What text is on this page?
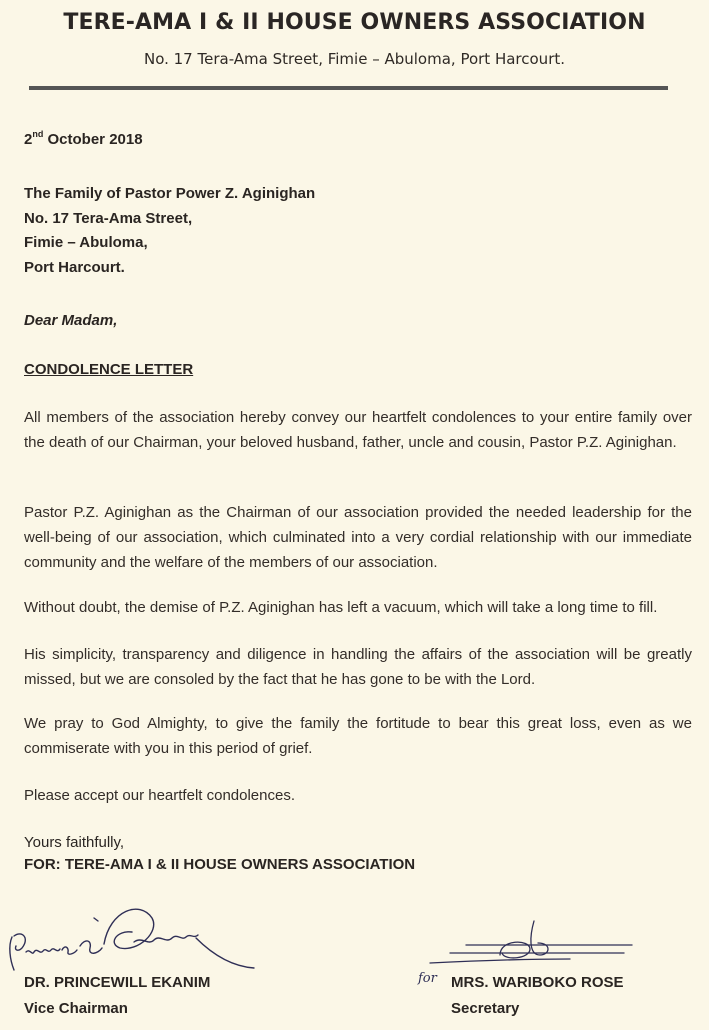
TERE-AMA I & II HOUSE OWNERS ASSOCIATION
No. 17 Tera-Ama Street, Fimie – Abuloma, Port Harcourt.
2nd October 2018
The Family of Pastor Power Z. Aginighan
No. 17 Tera-Ama Street,
Fimie – Abuloma,
Port Harcourt.
Dear Madam,
CONDOLENCE LETTER
All members of the association hereby convey our heartfelt condolences to your entire family over the death of our Chairman, your beloved husband, father, uncle and cousin, Pastor P.Z. Aginighan.
Pastor P.Z. Aginighan as the Chairman of our association provided the needed leadership for the well-being of our association, which culminated into a very cordial relationship with our immediate community and the welfare of the members of our association.
Without doubt, the demise of P.Z. Aginighan has left a vacuum, which will take a long time to fill.
His simplicity, transparency and diligence in handling the affairs of the association will be greatly missed, but we are consoled by the fact that he has gone to be with the Lord.
We pray to God Almighty, to give the family the fortitude to bear this great loss, even as we commiserate with you in this period of grief.
Please accept our heartfelt condolences.
Yours faithfully,
FOR: TERE-AMA I & II HOUSE OWNERS ASSOCIATION
DR. PRINCEWILL EKANIM
Vice Chairman
for MRS. WARIBOKO ROSE
Secretary
